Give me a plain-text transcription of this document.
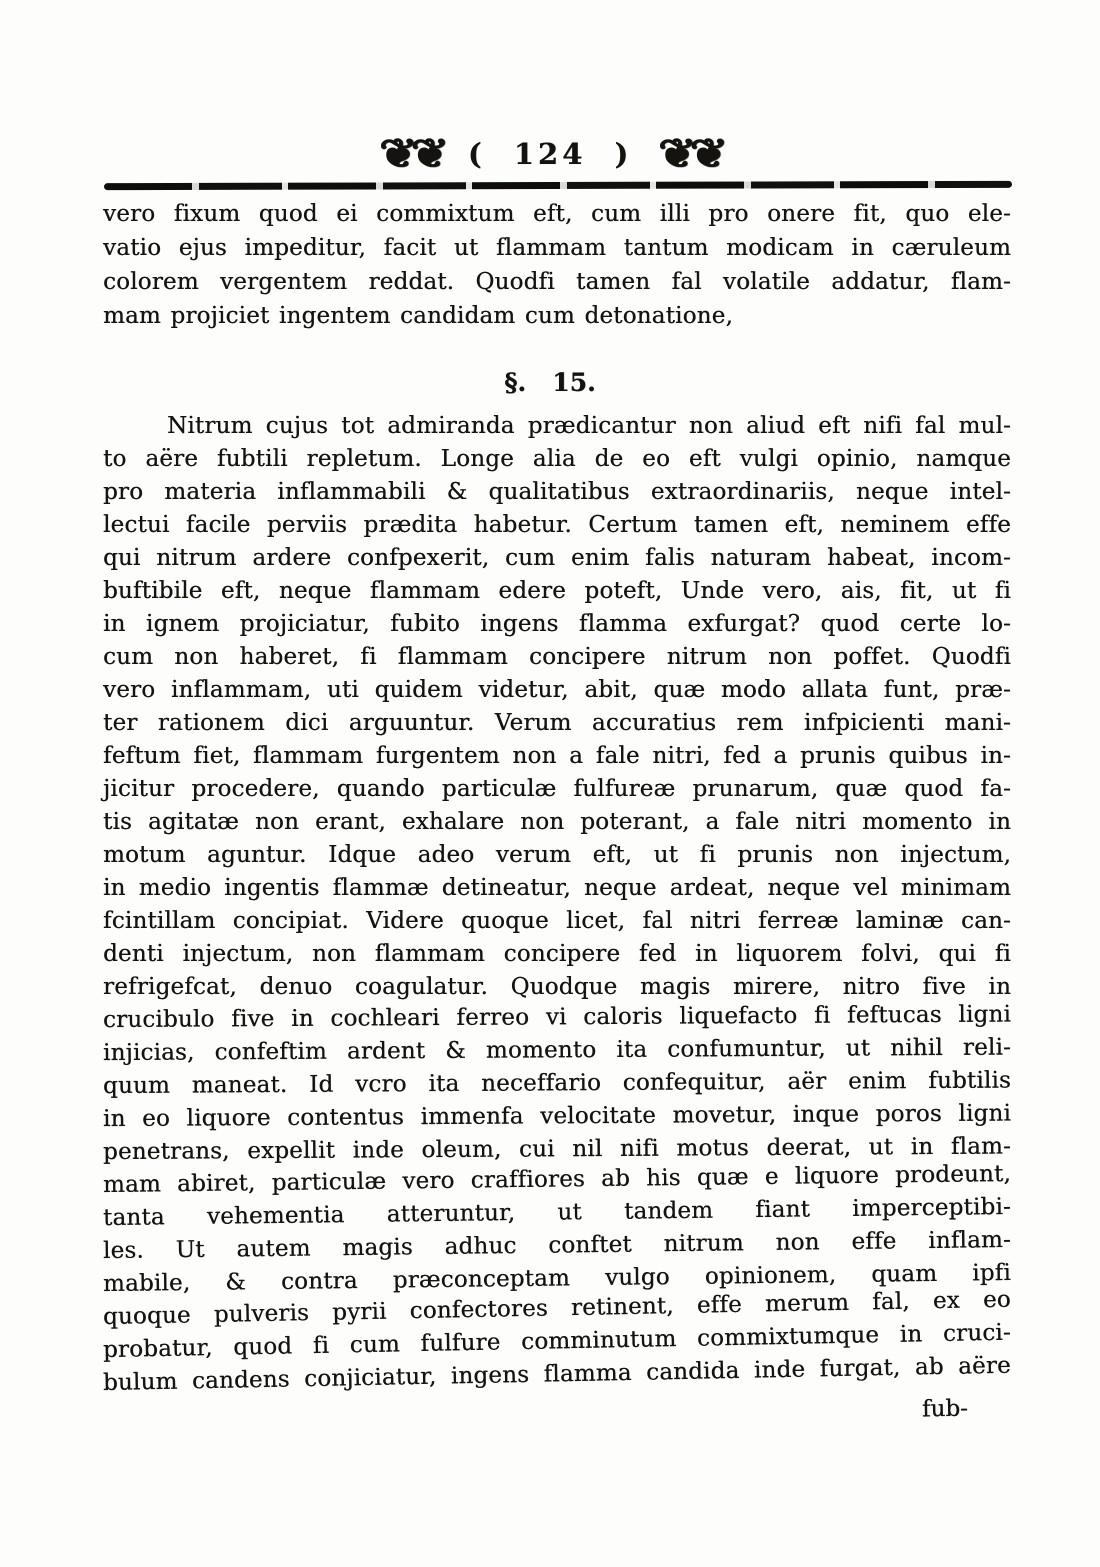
❦❦ (  124  ) ❦❦
vero fixum quod ei commixtum eft, cum illi pro onere fit, quo ele-
vatio ejus impeditur, facit ut flammam tantum modicam in cæruleum
colorem vergentem reddat. Quodfi tamen fal volatile addatur, flam-
mam projiciet ingentem candidam cum detonatione,
§.   15.
Nitrum cujus tot admiranda prædicantur non aliud eft nifi fal mul-
to aëre fubtili repletum. Longe alia de eo eft vulgi opinio, namque
pro materia inflammabili & qualitatibus extraordinariis, neque intel-
lectui facile perviis prædita habetur. Certum tamen eft, neminem effe
qui nitrum ardere confpexerit, cum enim falis naturam habeat, incom-
buftibile eft, neque flammam edere poteft, Unde vero, ais, fit, ut fi
in ignem projiciatur, fubito ingens flamma exfurgat? quod certe lo-
cum non haberet, fi flammam concipere nitrum non poffet. Quodfi
vero inflammam, uti quidem videtur, abit, quæ modo allata funt, præ-
ter rationem dici arguuntur. Verum accuratius rem infpicienti mani-
feftum fiet, flammam furgentem non a fale nitri, fed a prunis quibus in-
jicitur procedere, quando particulæ fulfureæ prunarum, quæ quod fa-
tis agitatæ non erant, exhalare non poterant, a fale nitri momento in
motum aguntur. Idque adeo verum eft, ut fi prunis non injectum,
in medio ingentis flammæ detineatur, neque ardeat, neque vel minimam
fcintillam concipiat. Videre quoque licet, fal nitri ferreæ laminæ can-
denti injectum, non flammam concipere fed in liquorem folvi, qui fi
refrigefcat, denuo coagulatur. Quodque magis mirere, nitro five in
crucibulo five in cochleari ferreo vi caloris liquefacto fi feftucas ligni
injicias, confeftim ardent & momento ita confumuntur, ut nihil reli-
quum maneat. Id vcro ita neceffario confequitur, aër enim fubtilis
in eo liquore contentus immenfa velocitate movetur, inque poros ligni
penetrans, expellit inde oleum, cui nil nifi motus deerat, ut in flam-
mam abiret, particulæ vero craffiores ab his quæ e liquore prodeunt,
tanta vehementia atteruntur, ut tandem fiant imperceptibi-
les. Ut autem magis adhuc conftet nitrum non effe inflam-
mabile, & contra præconceptam vulgo opinionem, quam ipfi
quoque pulveris pyrii confectores retinent, effe merum fal, ex eo
probatur, quod fi cum fulfure comminutum commixtumque in cruci-
bulum candens conjiciatur, ingens flamma candida inde furgat, ab aëre
fub-
